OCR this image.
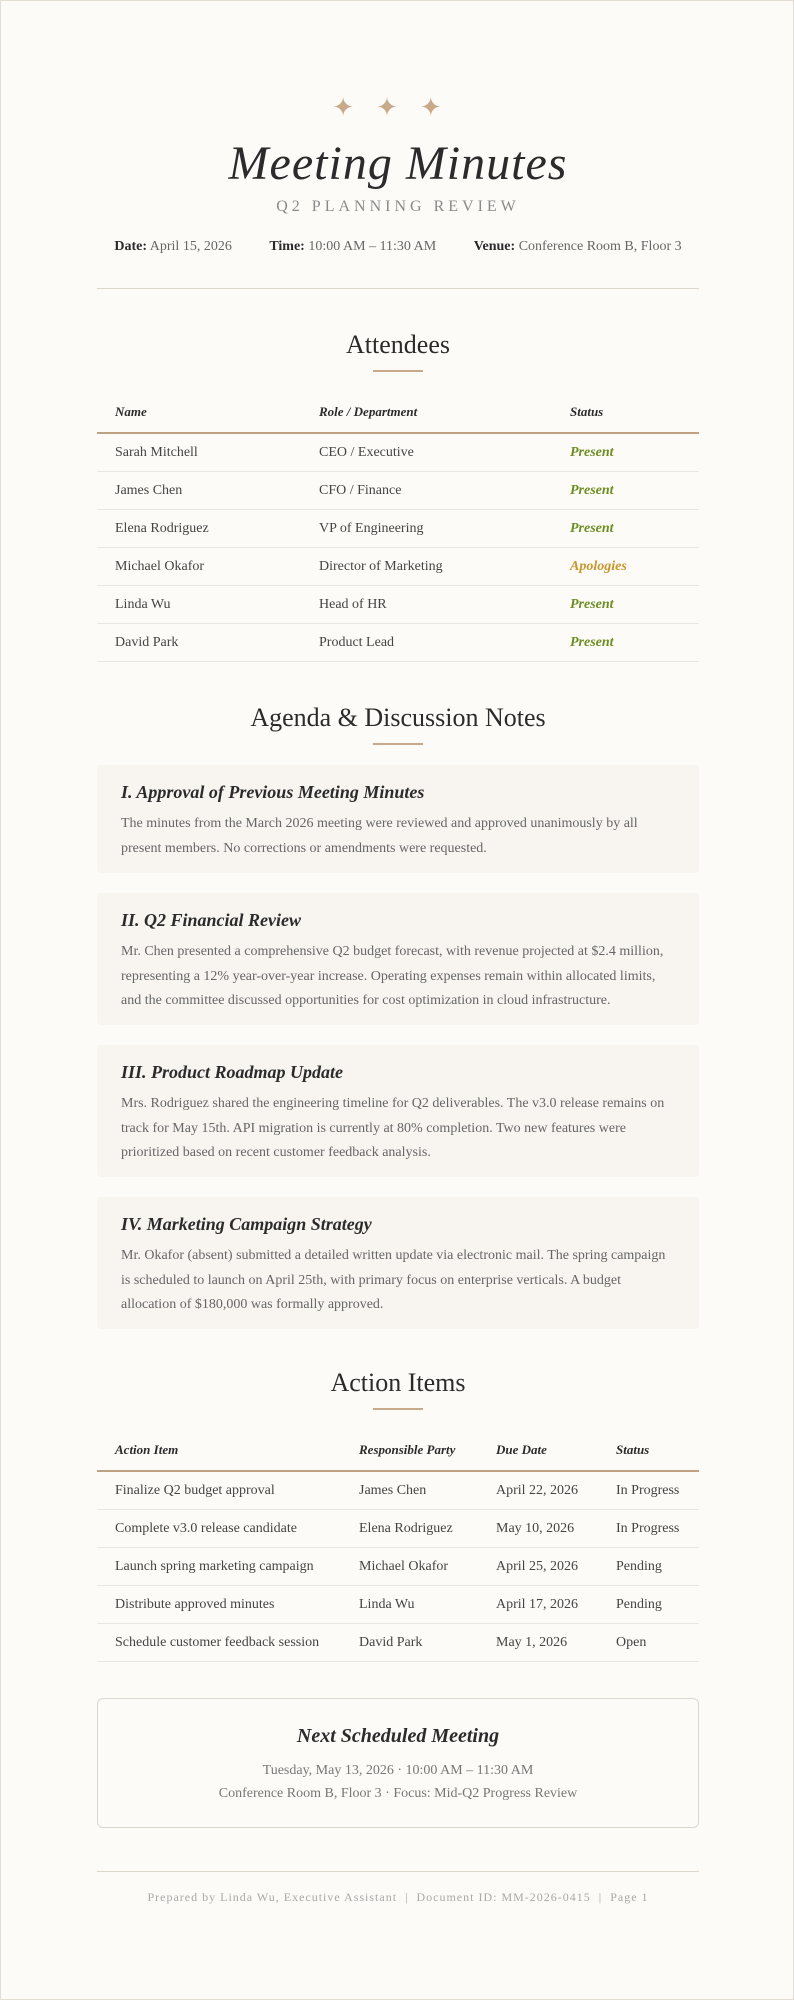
✦✦✦
Meeting Minutes
Q2 PLANNING REVIEW
Date: April 15, 2026	Time: 10:00 AM – 11:30 AM	Venue: Conference Room B, Floor 3
Attendees
Name	Role / Department	Status
Sarah Mitchell	CEO / Executive	Present
James Chen	CFO / Finance	Present
Elena Rodriguez	VP of Engineering	Present
Michael Okafor	Director of Marketing	Apologies
Linda Wu	Head of HR	Present
David Park	Product Lead	Present
Agenda & Discussion Notes
I. Approval of Previous Meeting Minutes

The minutes from the March 2026 meeting were reviewed and approved unanimously by all present members. No corrections or amendments were requested.

II. Q2 Financial Review

Mr. Chen presented a comprehensive Q2 budget forecast, with revenue projected at $2.4 million, representing a 12% year-over-year increase. Operating expenses remain within allocated limits, and the committee discussed opportunities for cost optimization in cloud infrastructure.

III. Product Roadmap Update

Mrs. Rodriguez shared the engineering timeline for Q2 deliverables. The v3.0 release remains on track for May 15th. API migration is currently at 80% completion. Two new features were prioritized based on recent customer feedback analysis.

IV. Marketing Campaign Strategy

Mr. Okafor (absent) submitted a detailed written update via electronic mail. The spring campaign is scheduled to launch on April 25th, with primary focus on enterprise verticals. A budget allocation of $180,000 was formally approved.

Action Items
Action Item	Responsible Party	Due Date	Status
Finalize Q2 budget approval	James Chen	April 22, 2026	In Progress
Complete v3.0 release candidate	Elena Rodriguez	May 10, 2026	In Progress
Launch spring marketing campaign	Michael Okafor	April 25, 2026	Pending
Distribute approved minutes	Linda Wu	April 17, 2026	Pending
Schedule customer feedback session	David Park	May 1, 2026	Open
Next Scheduled Meeting
Tuesday, May 13, 2026 · 10:00 AM – 11:30 AM
Conference Room B, Floor 3 · Focus: Mid-Q2 Progress Review
Prepared by Linda Wu, Executive Assistant | Document ID: MM-2026-0415 | Page 1
